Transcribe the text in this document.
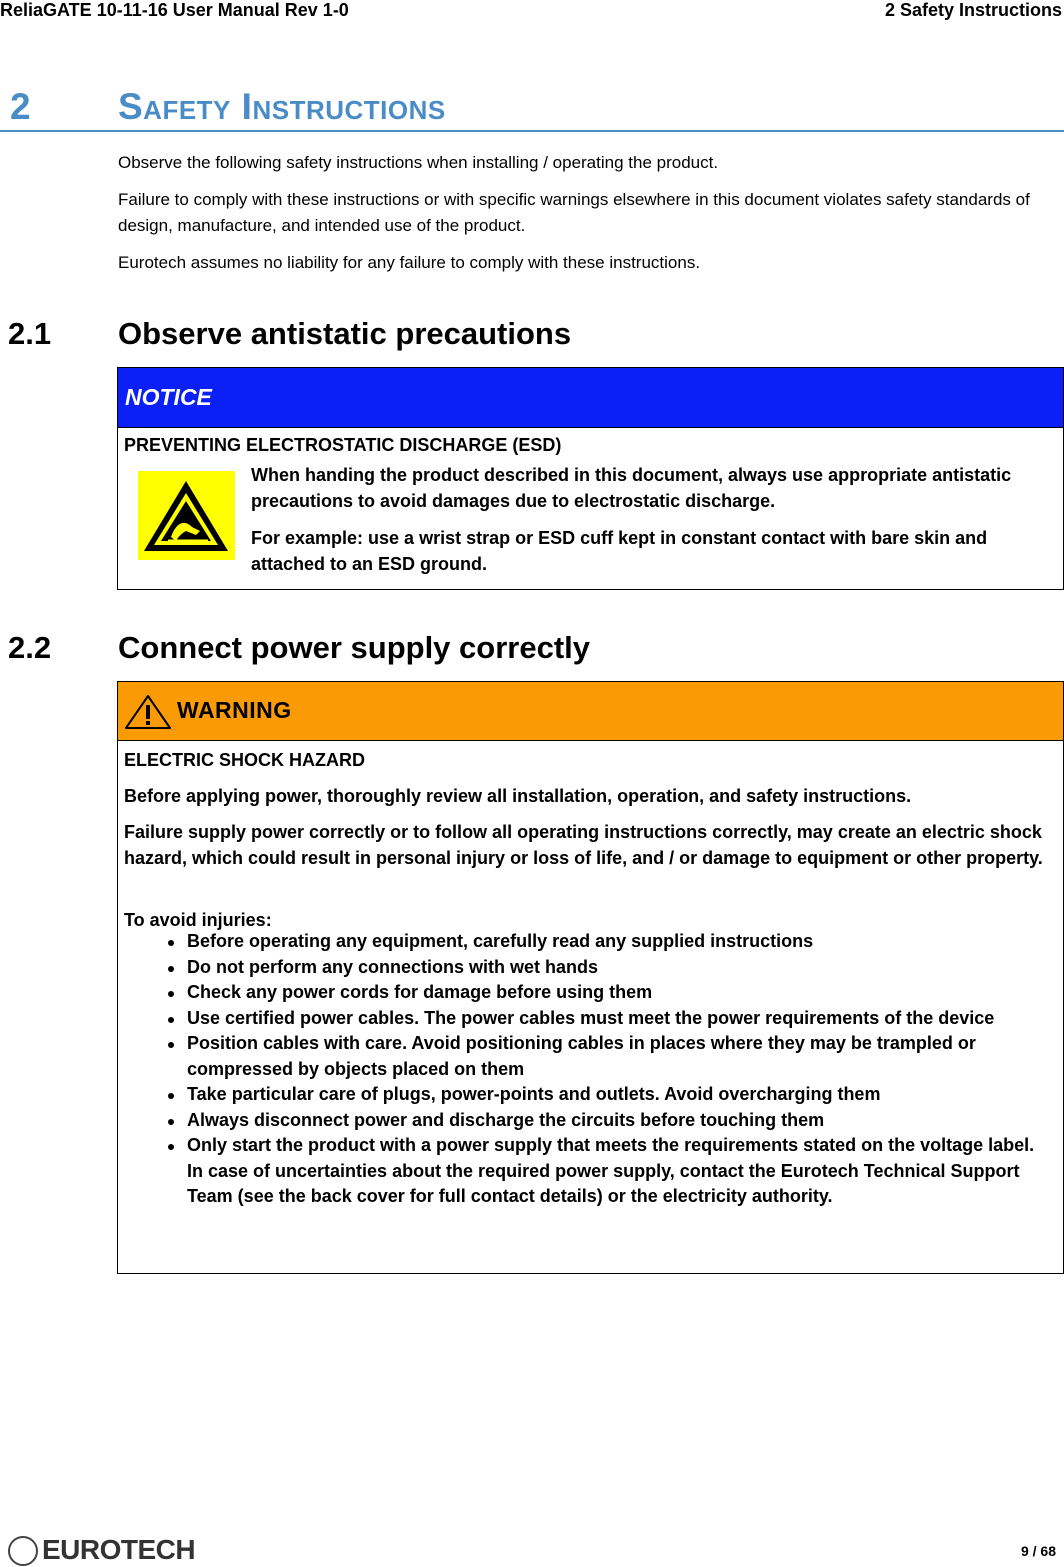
ReliaGATE 10-11-16 User Manual Rev 1-0	2 Safety Instructions
2 Safety Instructions
Observe the following safety instructions when installing / operating the product.
Failure to comply with these instructions or with specific warnings elsewhere in this document violates safety standards of design, manufacture, and intended use of the product.
Eurotech assumes no liability for any failure to comply with these instructions.
2.1 Observe antistatic precautions
NOTICE
PREVENTING ELECTROSTATIC DISCHARGE (ESD)
When handing the product described in this document, always use appropriate antistatic precautions to avoid damages due to electrostatic discharge.
For example: use a wrist strap or ESD cuff kept in constant contact with bare skin and attached to an ESD ground.
2.2 Connect power supply correctly
WARNING
ELECTRIC SHOCK HAZARD
Before applying power, thoroughly review all installation, operation, and safety instructions.
Failure supply power correctly or to follow all operating instructions correctly, may create an electric shock hazard, which could result in personal injury or loss of life, and / or damage to equipment or other property.
To avoid injuries:
Before operating any equipment, carefully read any supplied instructions
Do not perform any connections with wet hands
Check any power cords for damage before using them
Use certified power cables. The power cables must meet the power requirements of the device
Position cables with care. Avoid positioning cables in places where they may be trampled or compressed by objects placed on them
Take particular care of plugs, power-points and outlets. Avoid overcharging them
Always disconnect power and discharge the circuits before touching them
Only start the product with a power supply that meets the requirements stated on the voltage label. In case of uncertainties about the required power supply, contact the Eurotech Technical Support Team (see the back cover for full contact details) or the electricity authority.
EUROTECH	9 / 68
